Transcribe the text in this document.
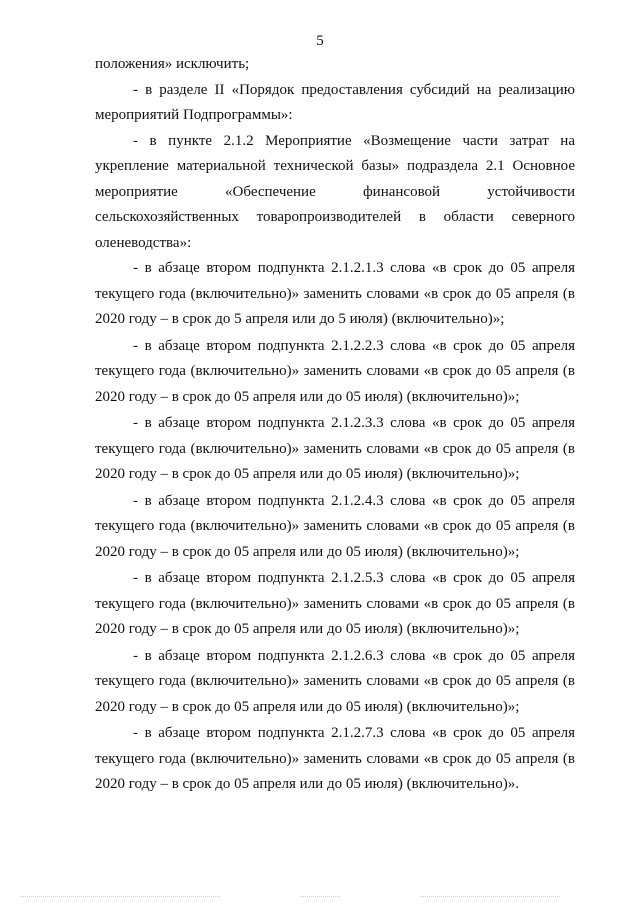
5

положения» исключить;

- в разделе II «Порядок предоставления субсидий на реализацию мероприятий Подпрограммы»:

- в пункте 2.1.2 Мероприятие «Возмещение части затрат на укрепление материальной технической базы» подраздела 2.1 Основное мероприятие «Обеспечение финансовой устойчивости сельскохозяйственных товаропроизводителей в области северного оленеводства»:

- в абзаце втором подпункта 2.1.2.1.3 слова «в срок до 05 апреля текущего года (включительно)» заменить словами «в срок до 05 апреля (в 2020 году – в срок до 5 апреля или до 5 июля) (включительно)»;

- в абзаце втором подпункта 2.1.2.2.3 слова «в срок до 05 апреля текущего года (включительно)» заменить словами «в срок до 05 апреля (в 2020 году – в срок до 05 апреля или до 05 июля) (включительно)»;

- в абзаце втором подпункта 2.1.2.3.3 слова «в срок до 05 апреля текущего года (включительно)» заменить словами «в срок до 05 апреля (в 2020 году – в срок до 05 апреля или до 05 июля) (включительно)»;

- в абзаце втором подпункта 2.1.2.4.3 слова «в срок до 05 апреля текущего года (включительно)» заменить словами «в срок до 05 апреля (в 2020 году – в срок до 05 апреля или до 05 июля) (включительно)»;

- в абзаце втором подпункта 2.1.2.5.3 слова «в срок до 05 апреля текущего года (включительно)» заменить словами «в срок до 05 апреля (в 2020 году – в срок до 05 апреля или до 05 июля) (включительно)»;

- в абзаце втором подпункта 2.1.2.6.3 слова «в срок до 05 апреля текущего года (включительно)» заменить словами «в срок до 05 апреля (в 2020 году – в срок до 05 апреля или до 05 июля) (включительно)»;

- в абзаце втором подпункта 2.1.2.7.3 слова «в срок до 05 апреля текущего года (включительно)» заменить словами «в срок до 05 апреля (в 2020 году – в срок до 05 апреля или до 05 июля) (включительно)».
